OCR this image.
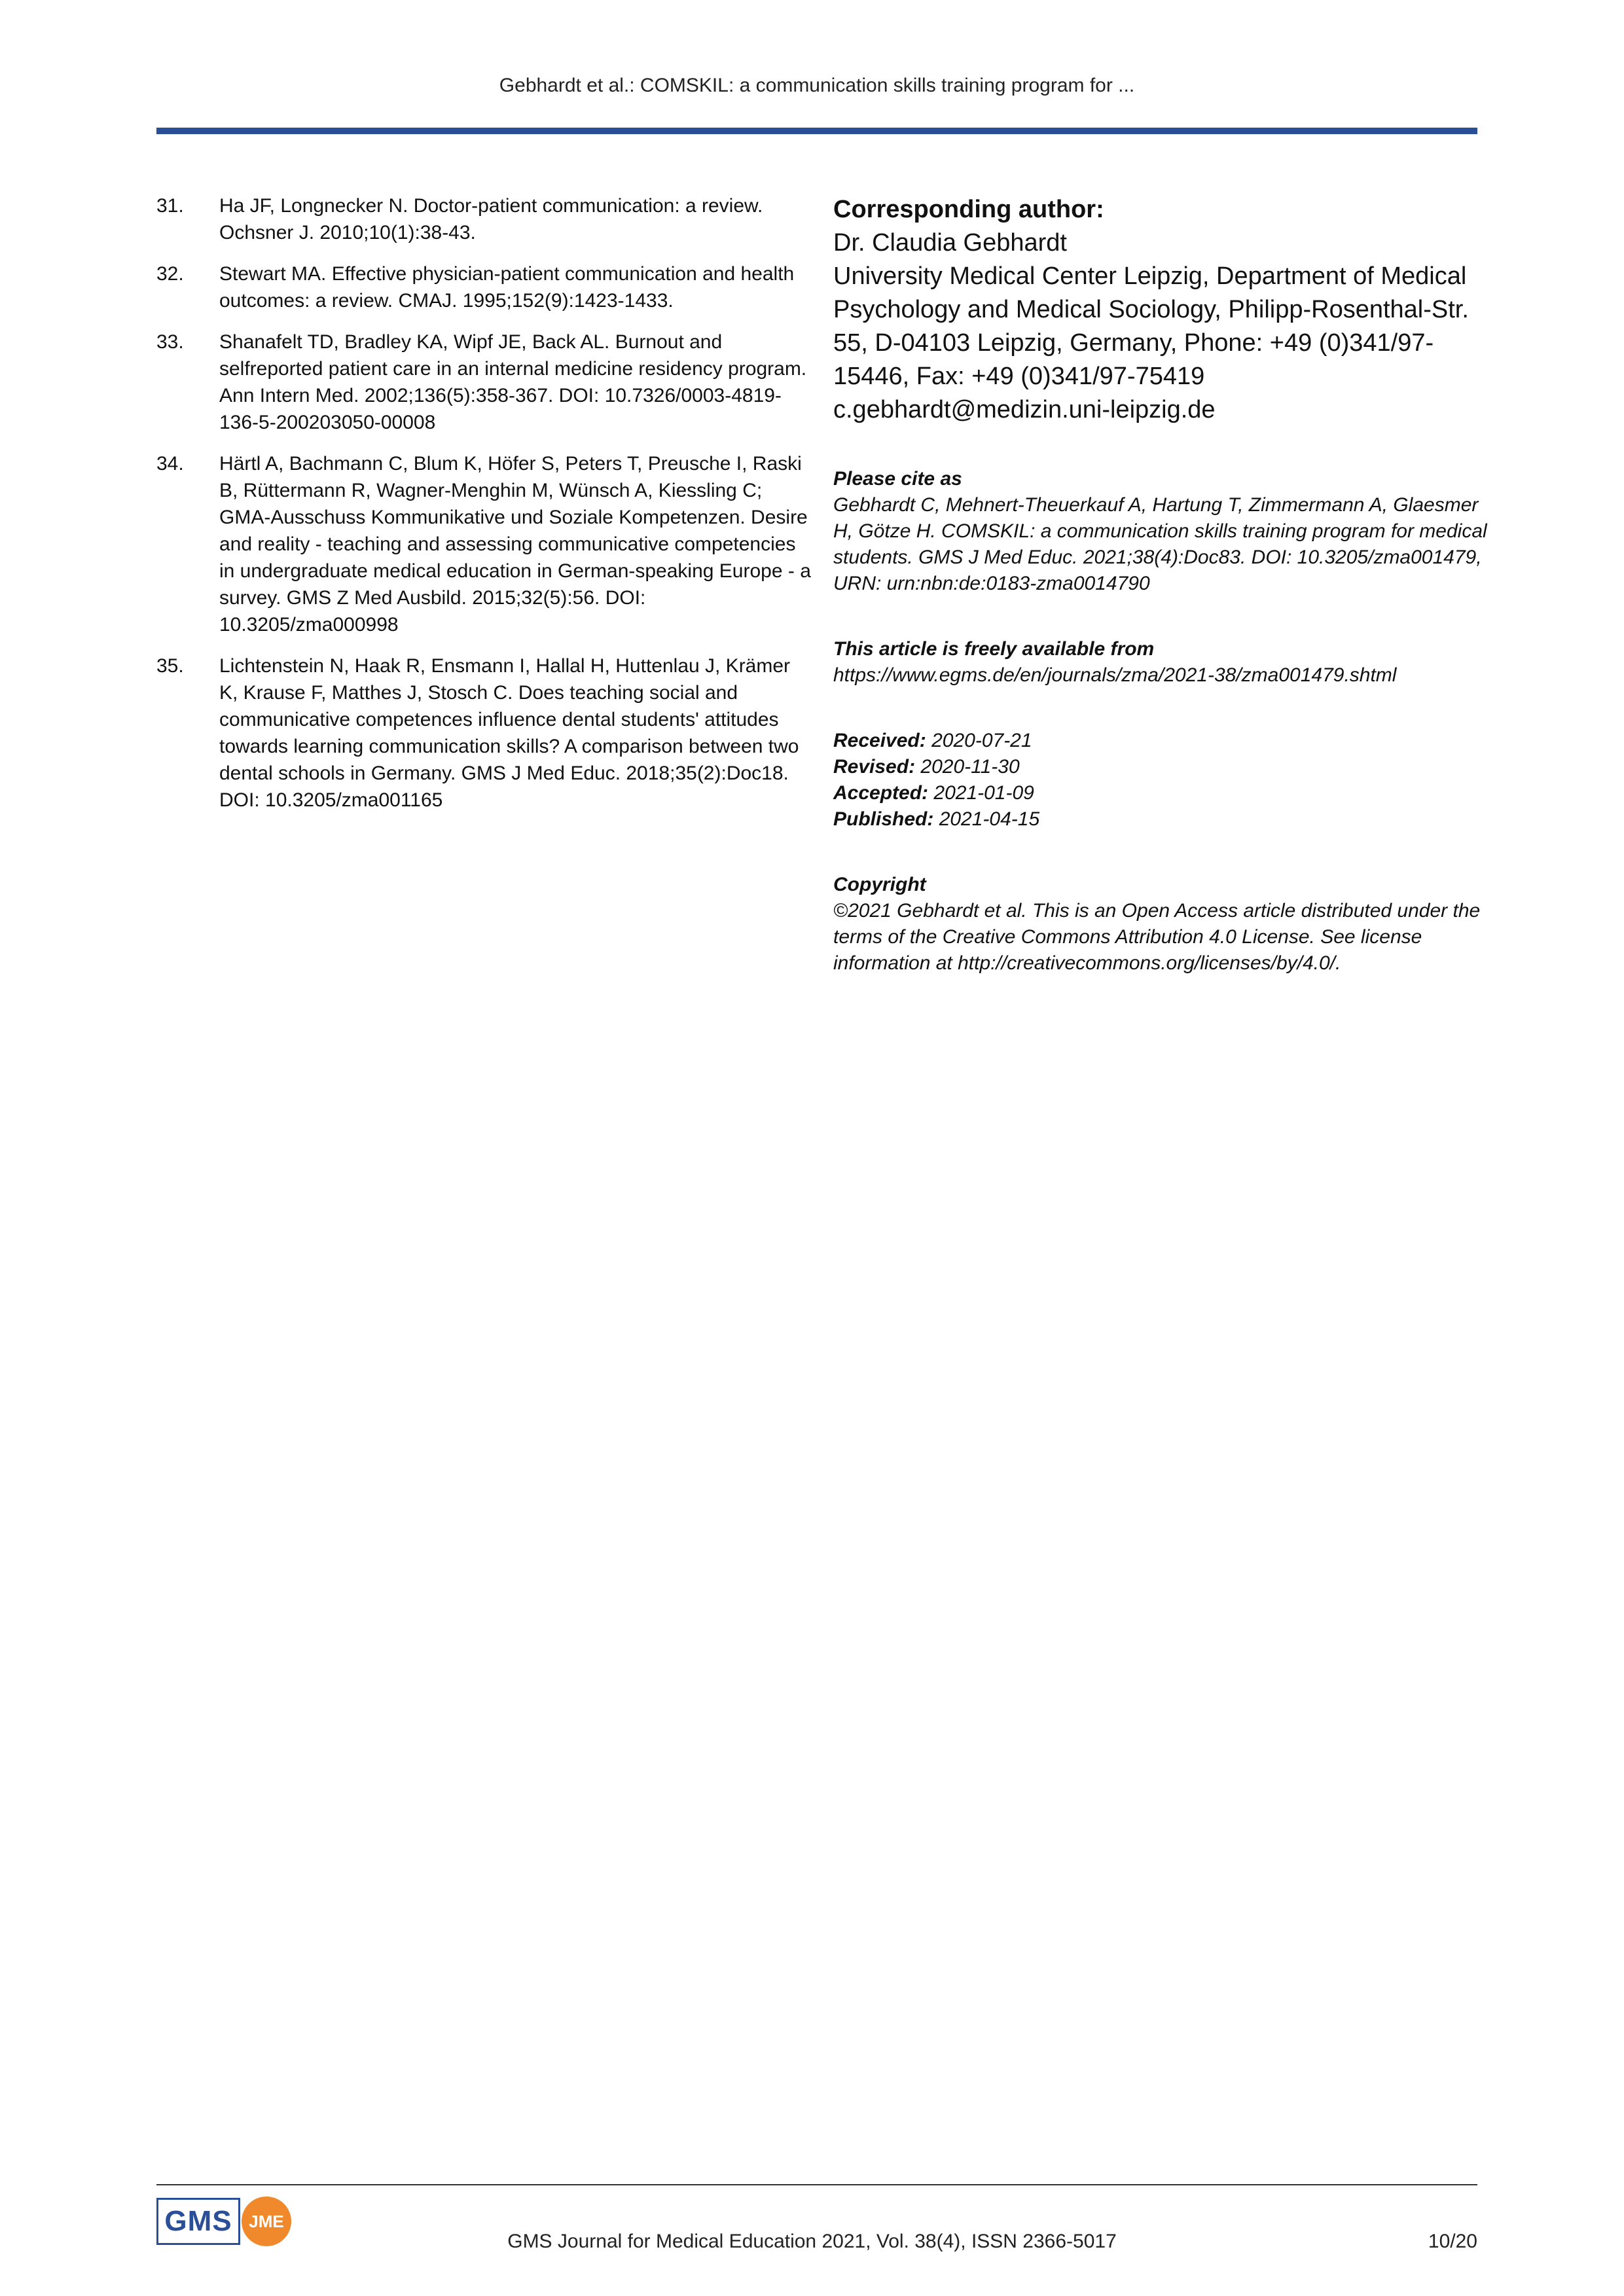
Gebhardt et al.: COMSKIL: a communication skills training program for ...
31.	Ha JF, Longnecker N. Doctor-patient communication: a review. Ochsner J. 2010;10(1):38-43.
32.	Stewart MA. Effective physician-patient communication and health outcomes: a review. CMAJ. 1995;152(9):1423-1433.
33.	Shanafelt TD, Bradley KA, Wipf JE, Back AL. Burnout and selfreported patient care in an internal medicine residency program. Ann Intern Med. 2002;136(5):358-367. DOI: 10.7326/0003-4819-136-5-200203050-00008
34.	Härtl A, Bachmann C, Blum K, Höfer S, Peters T, Preusche I, Raski B, Rüttermann R, Wagner-Menghin M, Wünsch A, Kiessling C; GMA-Ausschuss Kommunikative und Soziale Kompetenzen. Desire and reality - teaching and assessing communicative competencies in undergraduate medical education in German-speaking Europe - a survey. GMS Z Med Ausbild. 2015;32(5):56. DOI: 10.3205/zma000998
35.	Lichtenstein N, Haak R, Ensmann I, Hallal H, Huttenlau J, Krämer K, Krause F, Matthes J, Stosch C. Does teaching social and communicative competences influence dental students' attitudes towards learning communication skills? A comparison between two dental schools in Germany. GMS J Med Educ. 2018;35(2):Doc18. DOI: 10.3205/zma001165
Corresponding author:
Dr. Claudia Gebhardt
University Medical Center Leipzig, Department of Medical Psychology and Medical Sociology, Philipp-Rosenthal-Str. 55, D-04103 Leipzig, Germany, Phone: +49 (0)341/97-15446, Fax: +49 (0)341/97-75419
c.gebhardt@medizin.uni-leipzig.de
Please cite as
Gebhardt C, Mehnert-Theuerkauf A, Hartung T, Zimmermann A, Glaesmer H, Götze H. COMSKIL: a communication skills training program for medical students. GMS J Med Educ. 2021;38(4):Doc83. DOI: 10.3205/zma001479, URN: urn:nbn:de:0183-zma0014790
This article is freely available from
https://www.egms.de/en/journals/zma/2021-38/zma001479.shtml
Received: 2020-07-21
Revised: 2020-11-30
Accepted: 2021-01-09
Published: 2021-04-15
Copyright
©2021 Gebhardt et al. This is an Open Access article distributed under the terms of the Creative Commons Attribution 4.0 License. See license information at http://creativecommons.org/licenses/by/4.0/.
GMS JME
GMS Journal for Medical Education 2021, Vol. 38(4), ISSN 2366-5017	10/20
